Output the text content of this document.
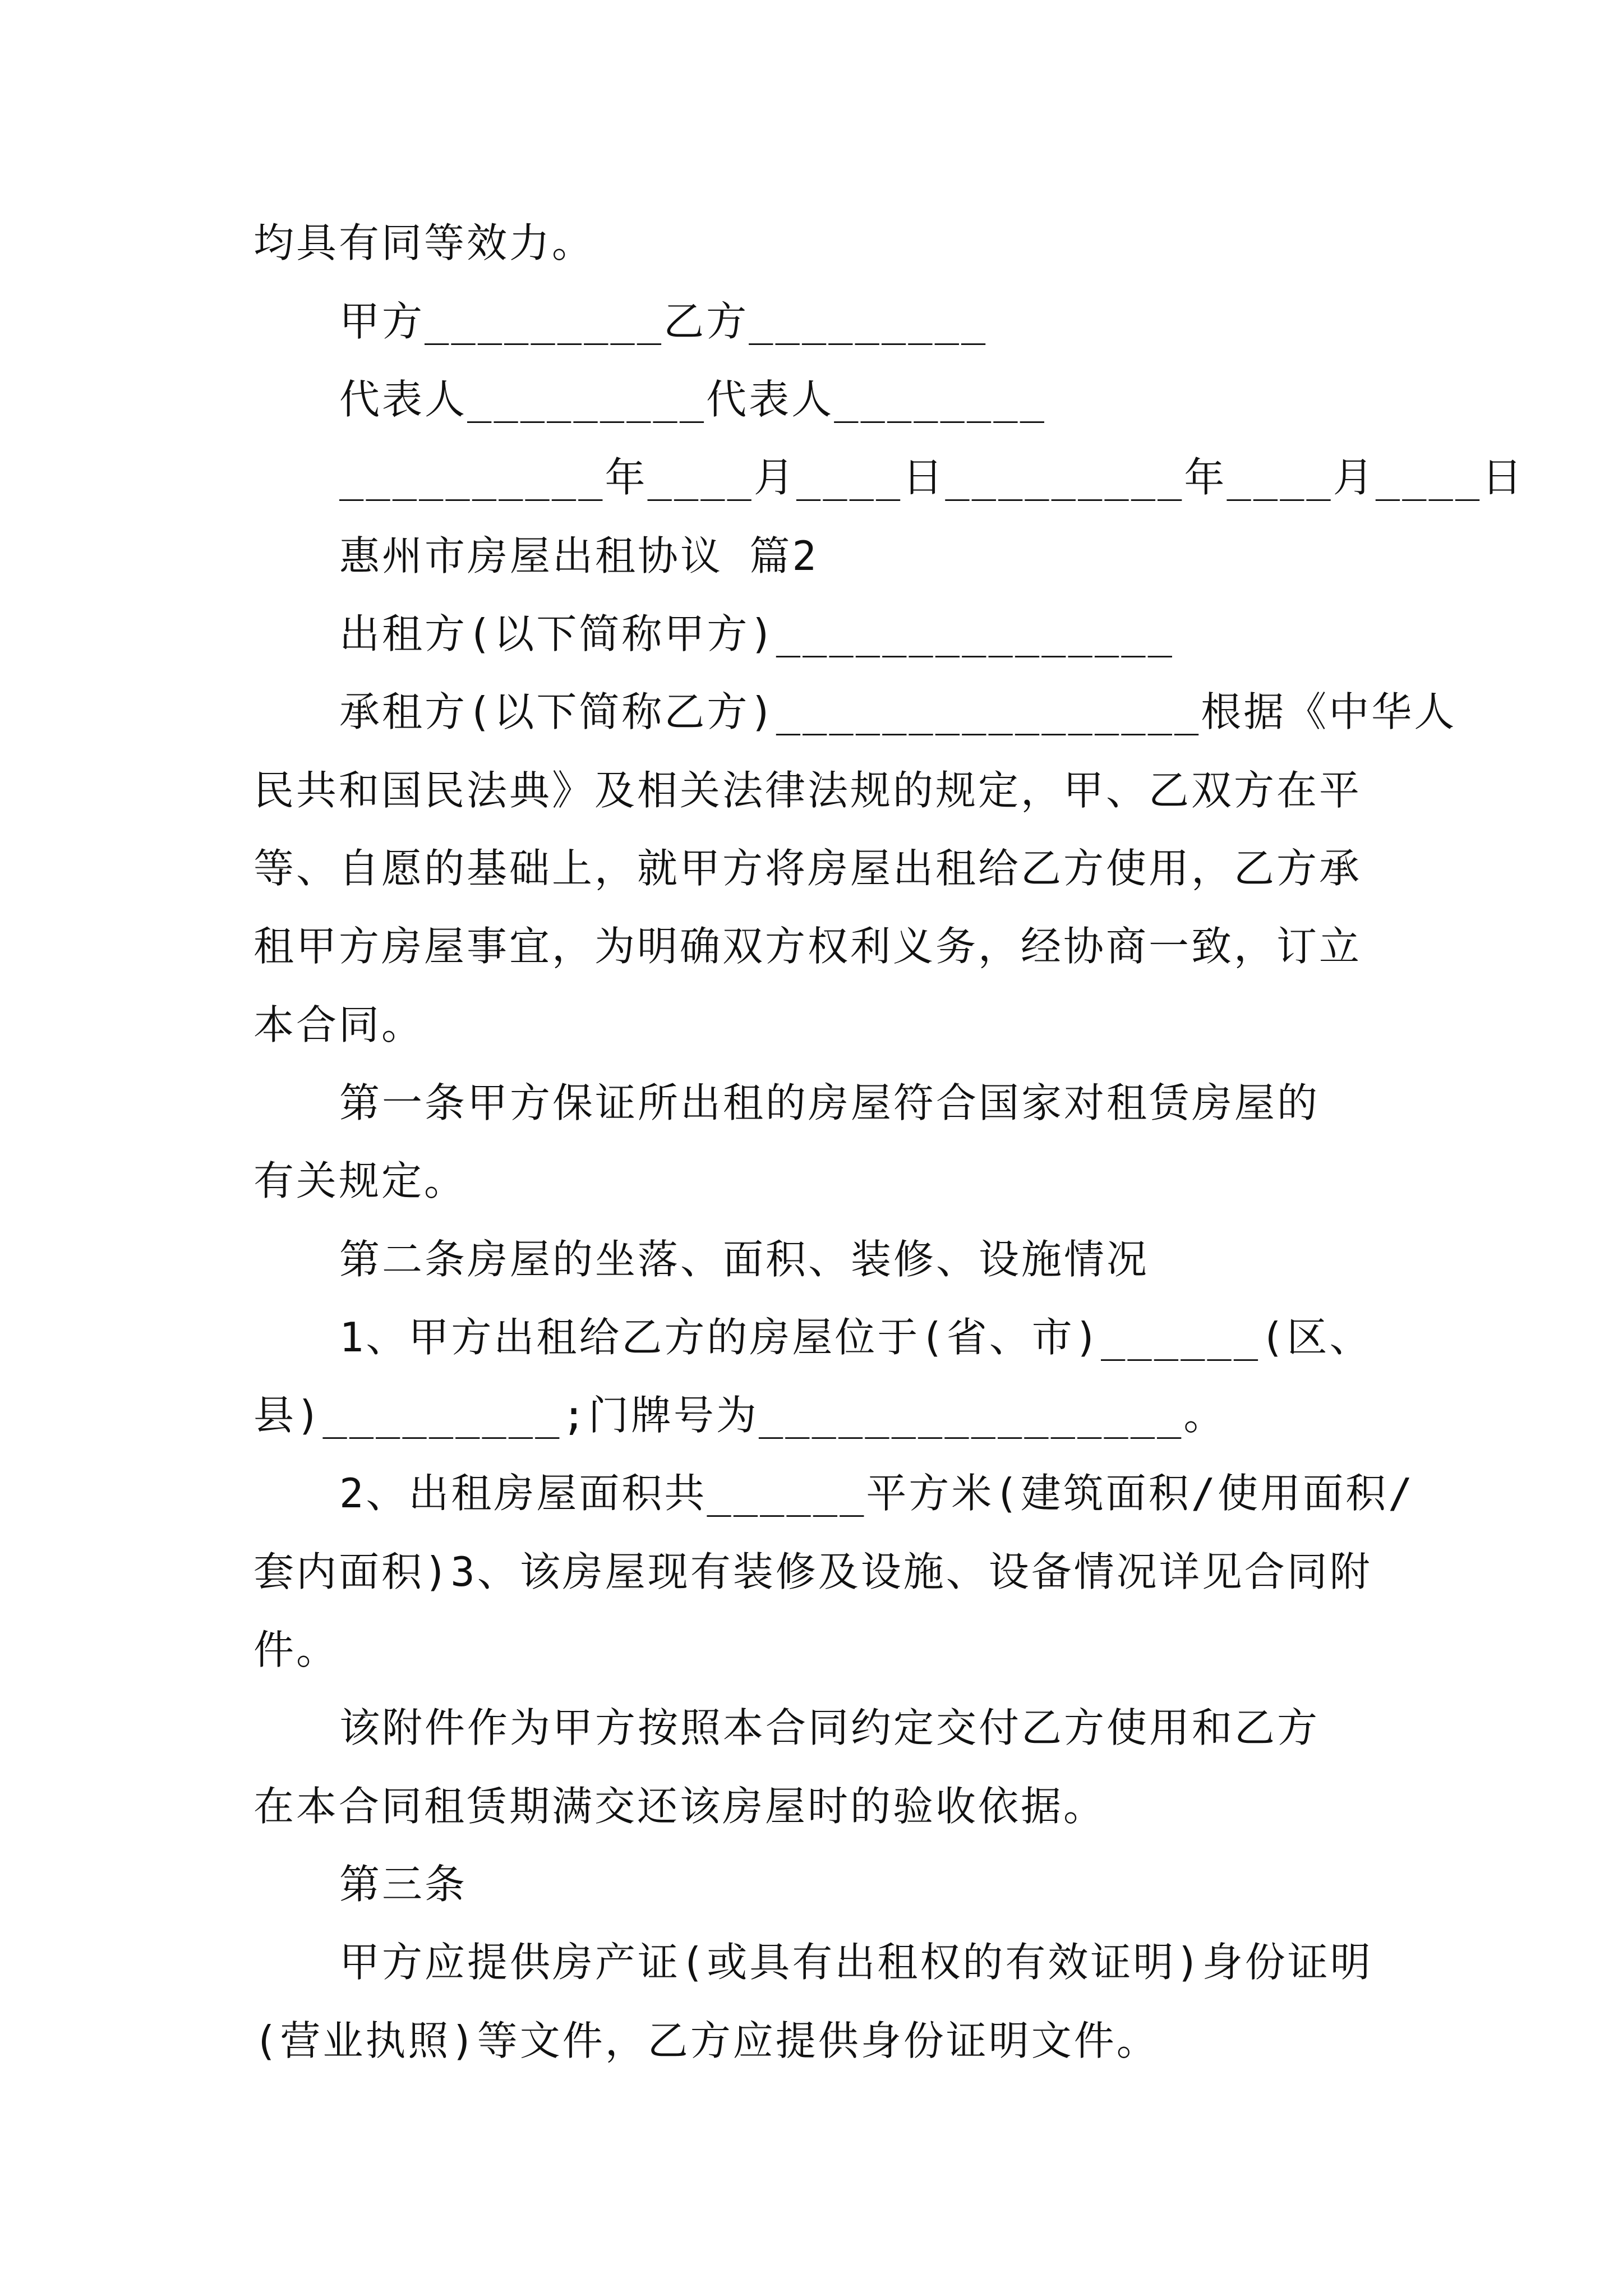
均具有同等效力。
甲方_________乙方_________
代表人_________代表人________
__________年____月____日_________年____月____日
惠州市房屋出租协议 篇2
出租方(以下简称甲方)_______________
承租方(以下简称乙方)________________根据《中华人
民共和国民法典》及相关法律法规的规定，甲、乙双方在平
等、自愿的基础上，就甲方将房屋出租给乙方使用，乙方承
租甲方房屋事宜，为明确双方权利义务，经协商一致，订立
本合同。
第一条甲方保证所出租的房屋符合国家对租赁房屋的
有关规定。
第二条房屋的坐落、面积、装修、设施情况
1、甲方出租给乙方的房屋位于(省、市)______(区、
县)_________;门牌号为________________。
2、出租房屋面积共______平方米(建筑面积/使用面积/
套内面积)3、该房屋现有装修及设施、设备情况详见合同附
件。
该附件作为甲方按照本合同约定交付乙方使用和乙方
在本合同租赁期满交还该房屋时的验收依据。
第三条
甲方应提供房产证(或具有出租权的有效证明)身份证明
(营业执照)等文件，乙方应提供身份证明文件。
